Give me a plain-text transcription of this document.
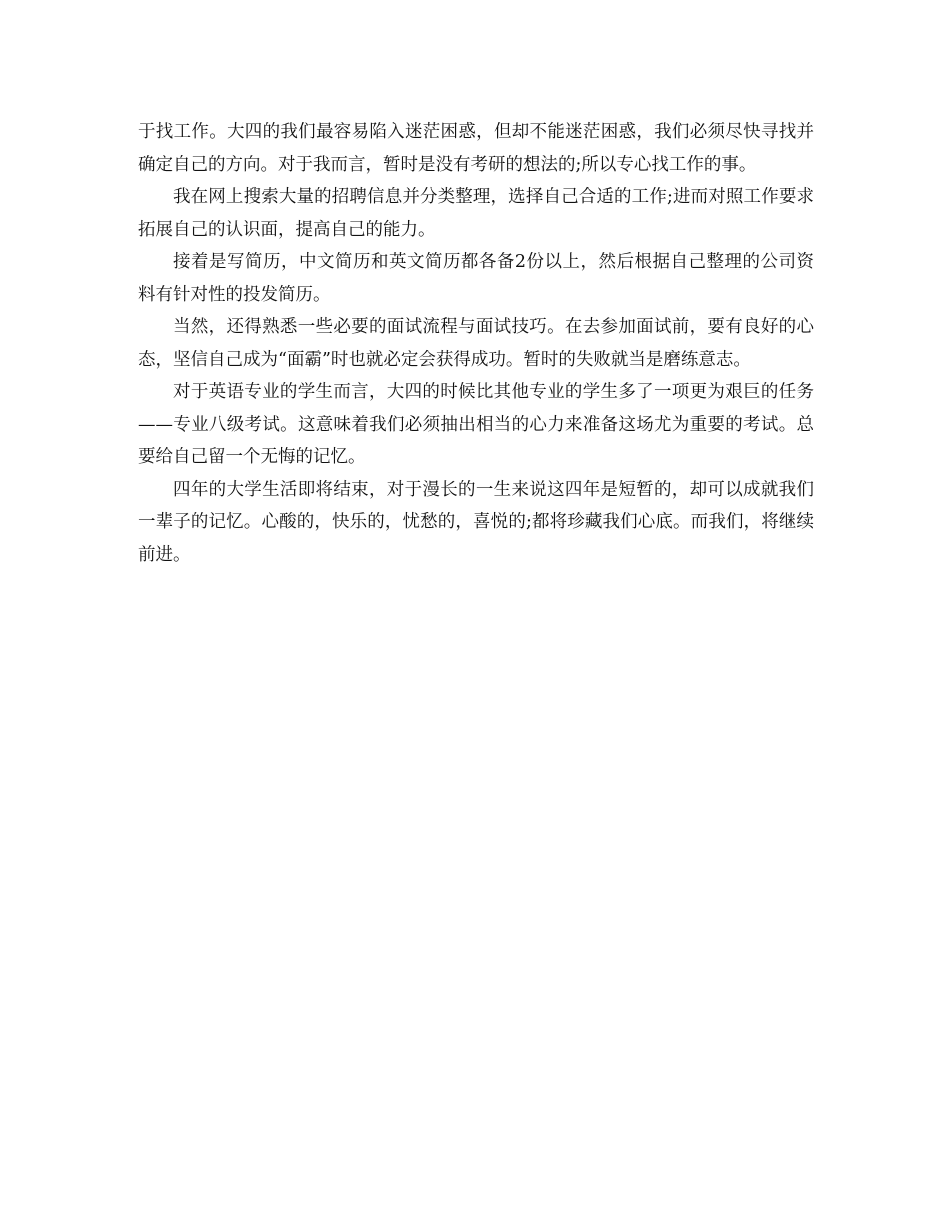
于找工作。大四的我们最容易陷入迷茫困惑，但却不能迷茫困惑，我们必须尽快寻找并确定自己的方向。对于我而言，暂时是没有考研的想法的;所以专心找工作的事。

我在网上搜索大量的招聘信息并分类整理，选择自己合适的工作;进而对照工作要求拓展自己的认识面，提高自己的能力。

接着是写简历，中文简历和英文简历都各备2份以上，然后根据自己整理的公司资料有针对性的投发简历。

当然，还得熟悉一些必要的面试流程与面试技巧。在去参加面试前，要有良好的心态，坚信自己成为“面霸”时也就必定会获得成功。暂时的失败就当是磨练意志。

对于英语专业的学生而言，大四的时候比其他专业的学生多了一项更为艰巨的任务——专业八级考试。这意味着我们必须抽出相当的心力来准备这场尤为重要的考试。总要给自己留一个无悔的记忆。

四年的大学生活即将结束，对于漫长的一生来说这四年是短暂的，却可以成就我们一辈子的记忆。心酸的，快乐的，忧愁的，喜悦的;都将珍藏我们心底。而我们，将继续前进。
